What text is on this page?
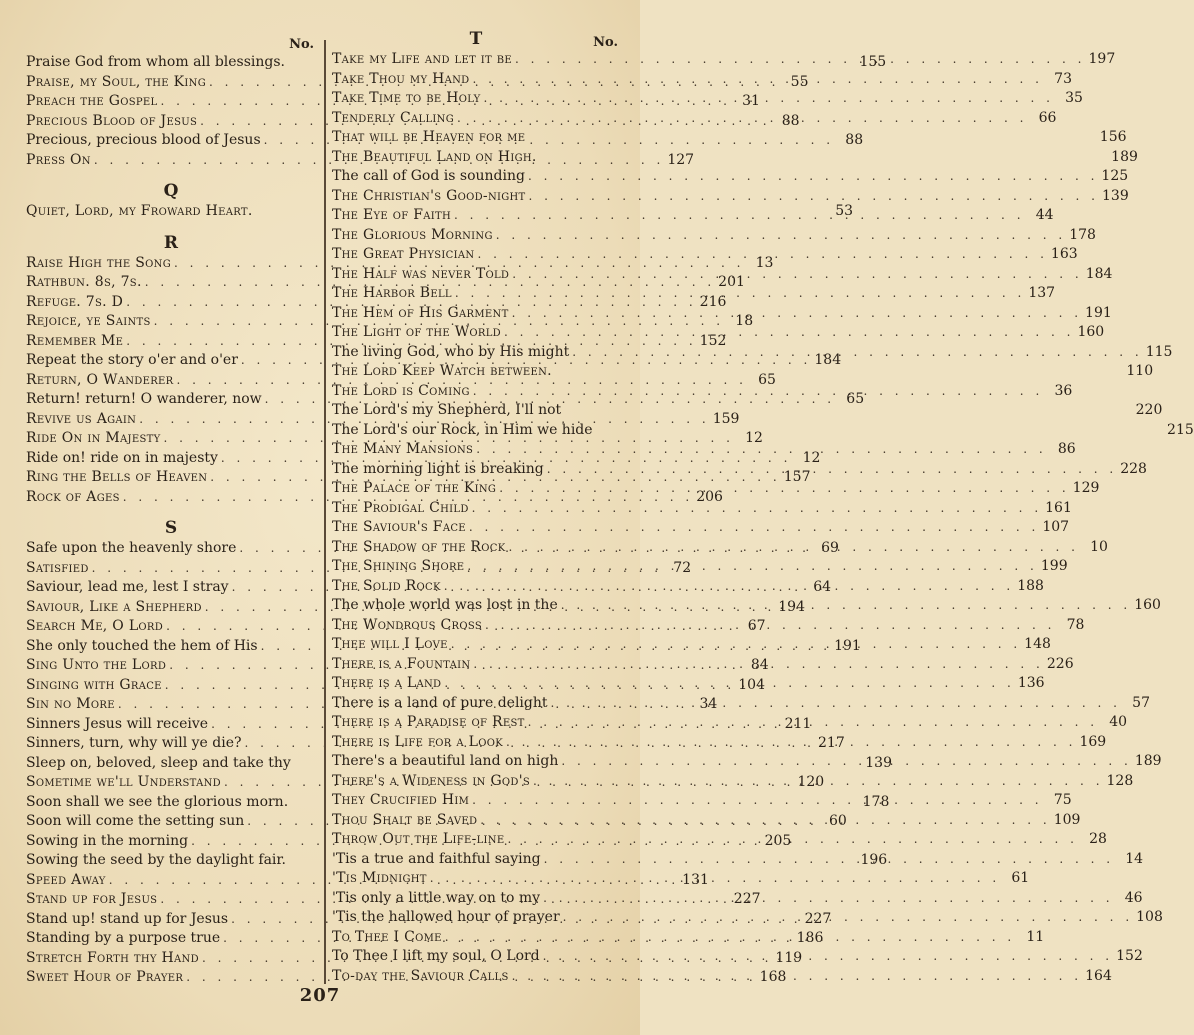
No.
Praise God from whom all blessings.	155
Praise, my Soul, the King . . .	55
Preach the Gospel . . .	31
Precious Blood of Jesus . . .	88
Precious, precious blood of Jesus . . .	88
Press On . . .	127
Q
Quiet, Lord, my Froward Heart.	53
R
Raise High the Song . . .	13
Rathbun. 8s, 7s. . . .	201
Refuge. 7s. D . . .	216
Rejoice, ye Saints . . .	18
Remember Me . . .	152
Repeat the story o'er and o'er . . .	184
Return, O Wanderer . . .	65
Return! return! O wanderer, now . . .	65
Revive us Again . . .	159
Ride On in Majesty . . .	12
Ride on! ride on in majesty . . .	12
Ring the Bells of Heaven . . .	157
Rock of Ages . . .	206
S
Safe upon the heavenly shore . . .	69
Satisfied . . .	72
Saviour, lead me, lest I stray . . .	64
Saviour, Like a Shepherd . . .	194
Search Me, O Lord . . .	67
She only touched the hem of His . . .	191
Sing Unto the Lord . . .	84
Singing with Grace . . .	104
Sin no More . . .	34
Sinners Jesus will receive . . .	211
Sinners, turn, why will ye die? . . .	217
Sleep on, beloved, sleep and take thy	139
Sometime we'll Understand . . .	120
Soon shall we see the glorious morn.	178
Soon will come the setting sun . . .	60
Sowing in the morning . . .	205
Sowing the seed by the daylight fair.	196
Speed Away . . .	131
Stand up for Jesus . . .	227
Stand up! stand up for Jesus . . .	227
Standing by a purpose true . . .	186
Stretch Forth thy Hand . . .	119
Sweet Hour of Prayer . . .	168
T	No.
Take my Life and let it be . . .	197
Take Thou my Hand . . .	73
Take Time to be Holy . . .	35
Tenderly Calling . . .	66
That will be Heaven for me	156
The Beautiful Land on High.	189
The call of God is sounding . . .	125
The Christian's Good-night . . .	139
The Eye of Faith . . .	44
The Glorious Morning . . .	178
The Great Physician . . .	163
The Half was never Told . . .	184
The Harbor Bell . . .	137
The Hem of His Garment . . .	191
The Light of the World . . .	160
The living God, who by His might . . .	115
The Lord Keep Watch between.	110
The Lord is Coming . . .	36
The Lord's my Shepherd, I'll not	220
The Lord's our Rock, in Him we hide	215
The Many Mansions . . .	86
The morning light is breaking . . .	228
The Palace of the King . . .	129
The Prodigal Child . . .	161
The Saviour's Face . . .	107
The Shadow of the Rock . . .	10
The Shining Shore . . .	199
The Solid Rock . . .	188
The whole world was lost in the . . .	160
The Wondrous Cross . . .	78
Thee will I Love . . .	148
There is a Fountain . . .	226
There is a Land . . .	136
There is a land of pure delight . . .	57
There is a Paradise of Rest . . .	40
There is Life for a Look . . .	169
There's a beautiful land on high . . .	189
There's a Wideness in God's . . .	128
They Crucified Him . . .	75
Thou Shalt be Saved . . .	109
Throw Out the Life-line . . .	28
'Tis a true and faithful saying . . .	14
'Tis Midnight . . .	61
'Tis only a little way on to my . . .	46
'Tis the hallowed hour of prayer . . .	108
To Thee I Come . . .	11
To Thee I lift my soul, O Lord . . .	152
To-day the Saviour Calls . . .	164
207
